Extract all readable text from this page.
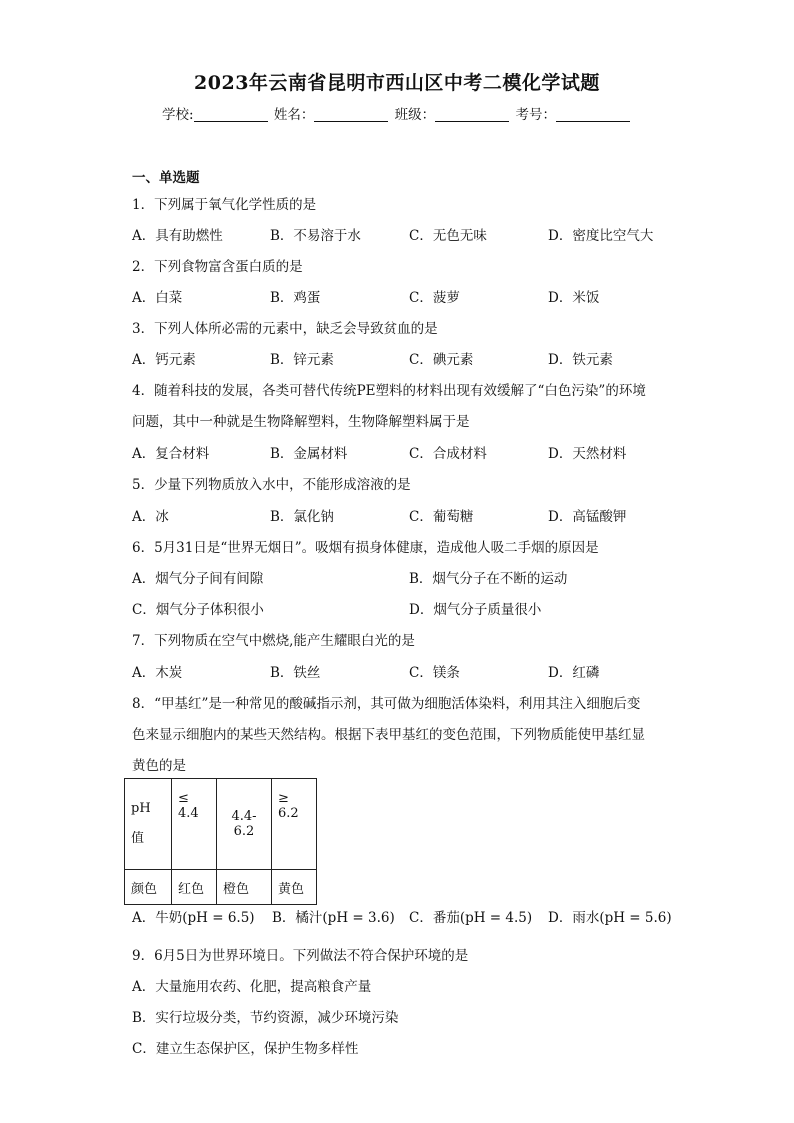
2023年云南省昆明市西山区中考二模化学试题
学校:	姓名：	班级：	考号：
一、单选题
1．下列属于氧气化学性质的是
A．具有助燃性	B．不易溶于水	C．无色无味	D．密度比空气大
2．下列食物富含蛋白质的是
A．白菜	B．鸡蛋	C．菠萝	D．米饭
3．下列人体所必需的元素中，缺乏会导致贫血的是
A．钙元素	B．锌元素	C．碘元素	D．铁元素
4．随着科技的发展，各类可替代传统PE塑料的材料出现有效缓解了“白色污染”的环境
问题，其中一种就是生物降解塑料，生物降解塑料属于是
A．复合材料	B．金属材料	C．合成材料	D．天然材料
5．少量下列物质放入水中，不能形成溶液的是
A．冰	B．氯化钠	C．葡萄糖	D．高锰酸钾
6．5月31日是“世界无烟日”。吸烟有损身体健康，造成他人吸二手烟的原因是
A．烟气分子间有间隙	B．烟气分子在不断的运动
C．烟气分子体积很小	D．烟气分子质量很小
7．下列物质在空气中燃烧,能产生耀眼白光的是
A．木炭	B．铁丝	C．镁条	D．红磷
8．“甲基红”是一种常见的酸碱指示剂，其可做为细胞活体染料，利用其注入细胞后变
色来显示细胞内的某些天然结构。根据下表甲基红的变色范围，下列物质能使甲基红显
黄色的是
pH
值	≤ 4.4	4.4-6.2	≥ 6.2
颜色	红色	橙色	黄色
A．牛奶(pH = 6.5) B．橘汁(pH = 3.6) C．番茄(pH = 4.5) D．雨水(pH = 5.6)
9．6月5日为世界环境日。下列做法不符合保护环境的是
A．大量施用农药、化肥，提高粮食产量
B．实行垃圾分类，节约资源，减少环境污染
C．建立生态保护区，保护生物多样性
